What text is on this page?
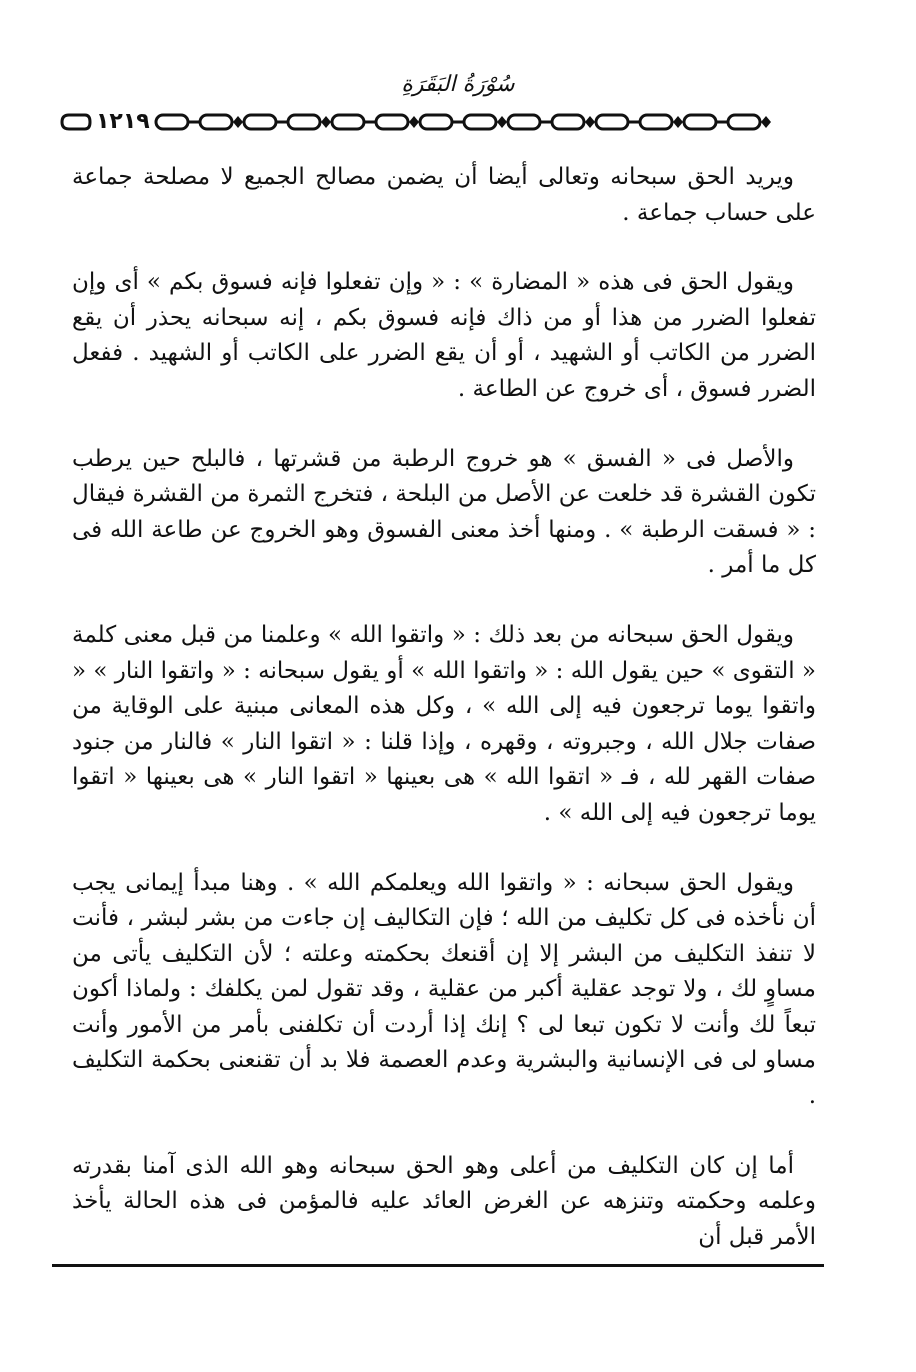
سُوْرَةُ البَقَرَةِ
١٢١٩

ويريد الحق سبحانه وتعالى أيضا أن يضمن مصالح الجميع لا مصلحة جماعة على حساب جماعة .

ويقول الحق فى هذه « المضارة » : « وإن تفعلوا فإنه فسوق بكم » أى وإن تفعلوا الضرر من هذا أو من ذاك فإنه فسوق بكم ، إنه سبحانه يحذر أن يقع الضرر من الكاتب أو الشهيد ، أو أن يقع الضرر على الكاتب أو الشهيد . ففعل الضرر فسوق ، أى خروج عن الطاعة .

والأصل فى « الفسق » هو خروج الرطبة من قشرتها ، فالبلح حين يرطب تكون القشرة قد خلعت عن الأصل من البلحة ، فتخرج الثمرة من القشرة فيقال : « فسقت الرطبة » . ومنها أخذ معنى الفسوق وهو الخروج عن طاعة الله فى كل ما أمر .

ويقول الحق سبحانه من بعد ذلك : « واتقوا الله » وعلمنا من قبل معنى كلمة « التقوى » حين يقول الله : « واتقوا الله » أو يقول سبحانه : « واتقوا النار » « واتقوا يوما ترجعون فيه إلى الله » ، وكل هذه المعانى مبنية على الوقاية من صفات جلال الله ، وجبروته ، وقهره ، وإذا قلنا : « اتقوا النار » فالنار من جنود صفات القهر لله ، فـ « اتقوا الله » هى بعينها « اتقوا النار » هى بعينها « اتقوا يوما ترجعون فيه إلى الله » .

ويقول الحق سبحانه : « واتقوا الله ويعلمكم الله » . وهنا مبدأ إيمانى يجب أن نأخذه فى كل تكليف من الله ؛ فإن التكاليف إن جاءت من بشر لبشر ، فأنت لا تنفذ التكليف من البشر إلا إن أقنعك بحكمته وعلته ؛ لأن التكليف يأتى من مساوٍ لك ، ولا توجد عقلية أكبر من عقلية ، وقد تقول لمن يكلفك : ولماذا أكون تبعاً لك وأنت لا تكون تبعا لى ؟ إنك إذا أردت أن تكلفنى بأمر من الأمور وأنت مساو لى فى الإنسانية والبشرية وعدم العصمة فلا بد أن تقنعنى بحكمة التكليف .

أما إن كان التكليف من أعلى وهو الحق سبحانه وهو الله الذى آمنا بقدرته وعلمه وحكمته وتنزهه عن الغرض العائد عليه فالمؤمن فى هذه الحالة يأخذ الأمر قبل أن
